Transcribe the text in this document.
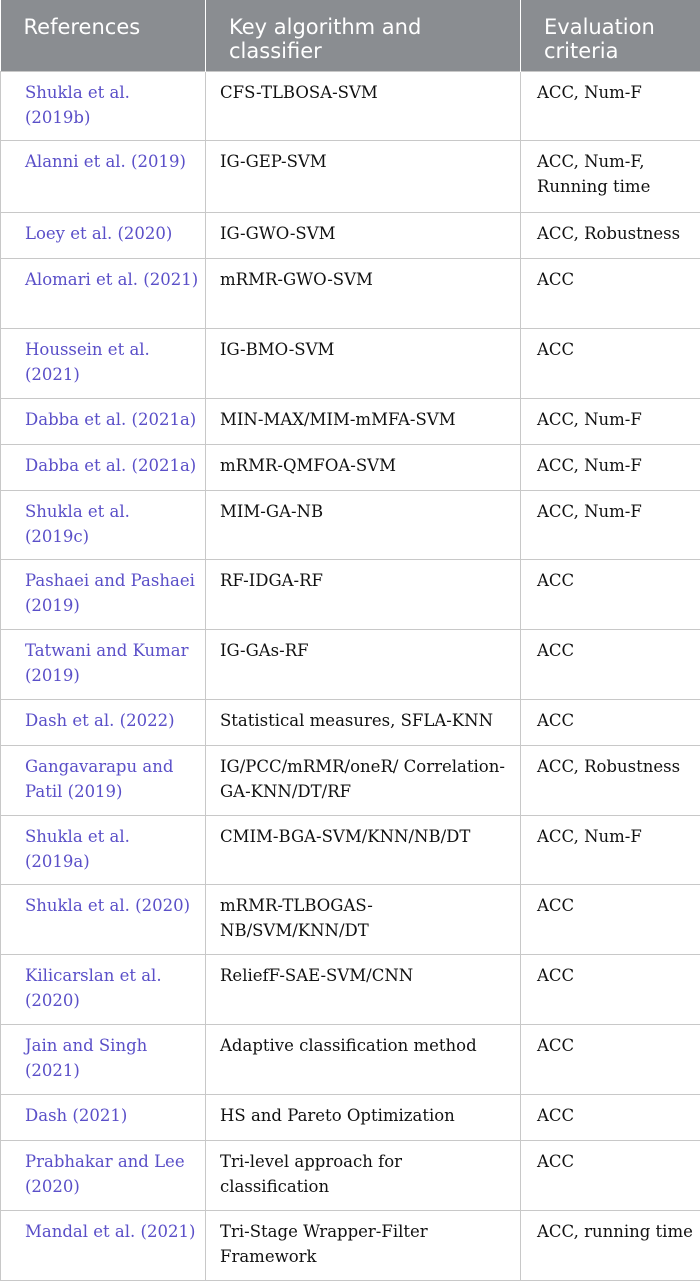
References	Key algorithm and classifier	Evaluation criteria
Shukla et al. (2019b)	CFS-TLBOSA-SVM	ACC, Num-F
Alanni et al. (2019)	IG-GEP-SVM	ACC, Num-F, Running time
Loey et al. (2020)	IG-GWO-SVM	ACC, Robustness
Alomari et al. (2021)	mRMR-GWO-SVM	ACC
Houssein et al. (2021)	IG-BMO-SVM	ACC
Dabba et al. (2021a)	MIN-MAX/MIM-mMFA-SVM	ACC, Num-F
Dabba et al. (2021a)	mRMR-QMFOA-SVM	ACC, Num-F
Shukla et al. (2019c)	MIM-GA-NB	ACC, Num-F
Pashaei and Pashaei (2019)	RF-IDGA-RF	ACC
Tatwani and Kumar (2019)	IG-GAs-RF	ACC
Dash et al. (2022)	Statistical measures, SFLA-KNN	ACC
Gangavarapu and Patil (2019)	IG/PCC/mRMR/oneR/ Correlation-GA-KNN/DT/RF	ACC, Robustness
Shukla et al. (2019a)	CMIM-BGA-SVM/KNN/NB/DT	ACC, Num-F
Shukla et al. (2020)	mRMR-TLBOGAS- NB/SVM/KNN/DT	ACC
Kilicarslan et al. (2020)	ReliefF-SAE-SVM/CNN	ACC
Jain and Singh (2021)	Adaptive classification method	ACC
Dash (2021)	HS and Pareto Optimization	ACC
Prabhakar and Lee (2020)	Tri-level approach for classification	ACC
Mandal et al. (2021)	Tri-Stage Wrapper-Filter Framework	ACC, running time
